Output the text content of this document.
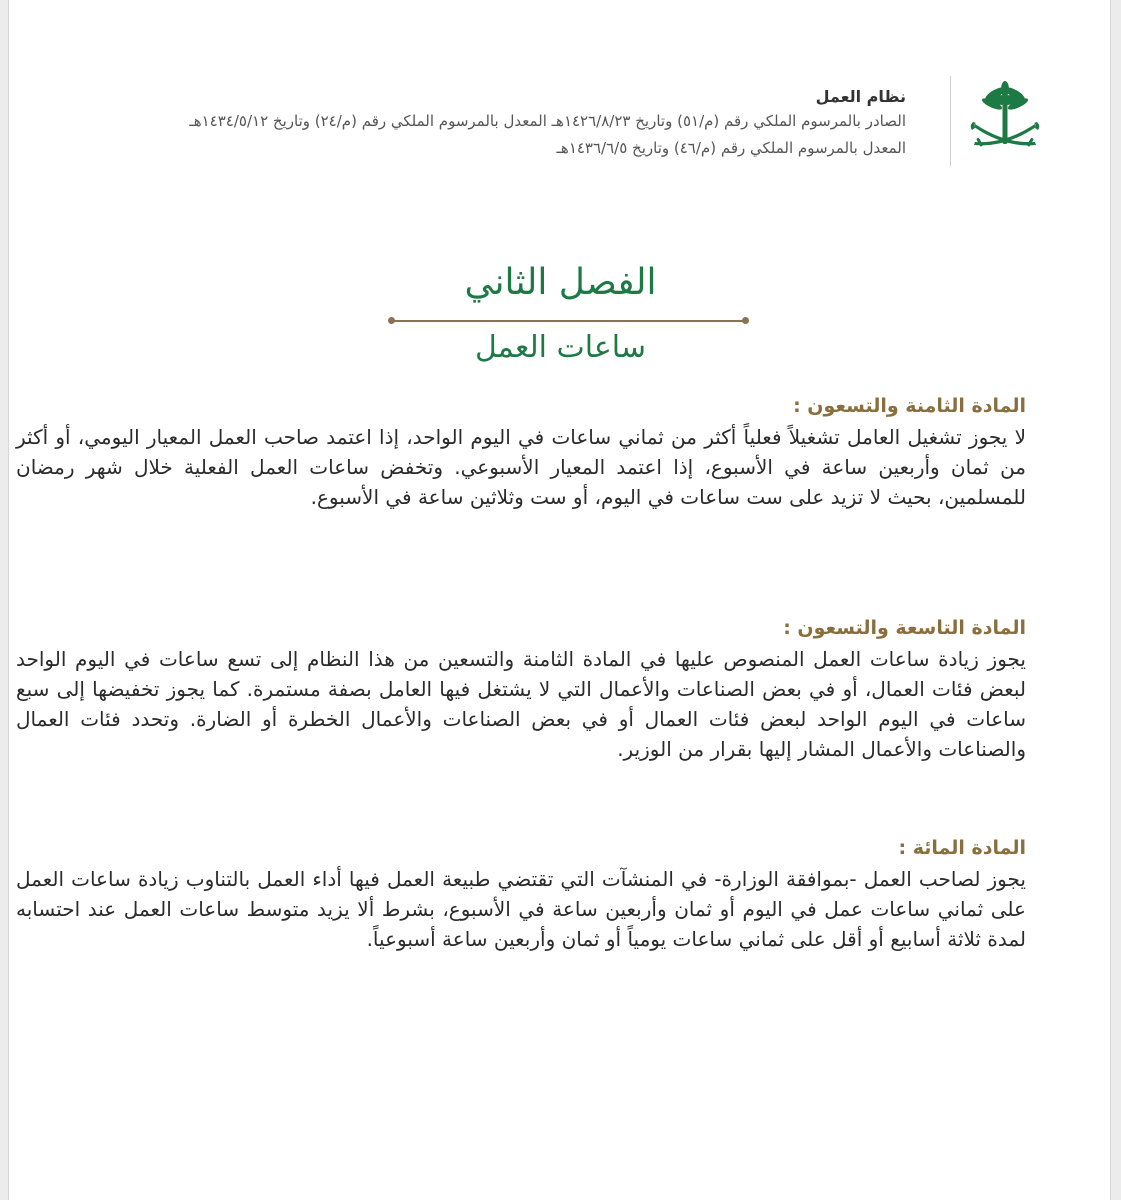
نظام العمل
الصادر بالمرسوم الملكي رقم (م/٥١) وتاريخ ١٤٢٦/٨/٢٣هـ المعدل بالمرسوم الملكي رقم (م/٢٤) وتاريخ ١٤٣٤/٥/١٢هـ
المعدل بالمرسوم الملكي رقم (م/٤٦) وتاريخ ١٤٣٦/٦/٥هـ
الفصل الثاني
ساعات العمل
المادة الثامنة والتسعون :
لا يجوز تشغيل العامل تشغيلاً فعلياً أكثر من ثماني ساعات في اليوم الواحد، إذا اعتمد صاحب العمل المعيار اليومي، أو أكثر من ثمان وأربعين ساعة في الأسبوع، إذا اعتمد المعيار الأسبوعي. وتخفض ساعات العمل الفعلية خلال شهر رمضان للمسلمين، بحيث لا تزيد على ست ساعات في اليوم، أو ست وثلاثين ساعة في الأسبوع.
المادة التاسعة والتسعون :
يجوز زيادة ساعات العمل المنصوص عليها في المادة الثامنة والتسعين من هذا النظام إلى تسع ساعات في اليوم الواحد لبعض فئات العمال، أو في بعض الصناعات والأعمال التي لا يشتغل فيها العامل بصفة مستمرة. كما يجوز تخفيضها إلى سبع ساعات في اليوم الواحد لبعض فئات العمال أو في بعض الصناعات والأعمال الخطرة أو الضارة. وتحدد فئات العمال والصناعات والأعمال المشار إليها بقرار من الوزير.
المادة المائة :
يجوز لصاحب العمل -بموافقة الوزارة- في المنشآت التي تقتضي طبيعة العمل فيها أداء العمل بالتناوب زيادة ساعات العمل على ثماني ساعات عمل في اليوم أو ثمان وأربعين ساعة في الأسبوع، بشرط ألا يزيد متوسط ساعات العمل عند احتسابه لمدة ثلاثة أسابيع أو أقل على ثماني ساعات يومياً أو ثمان وأربعين ساعة أسبوعياً.
